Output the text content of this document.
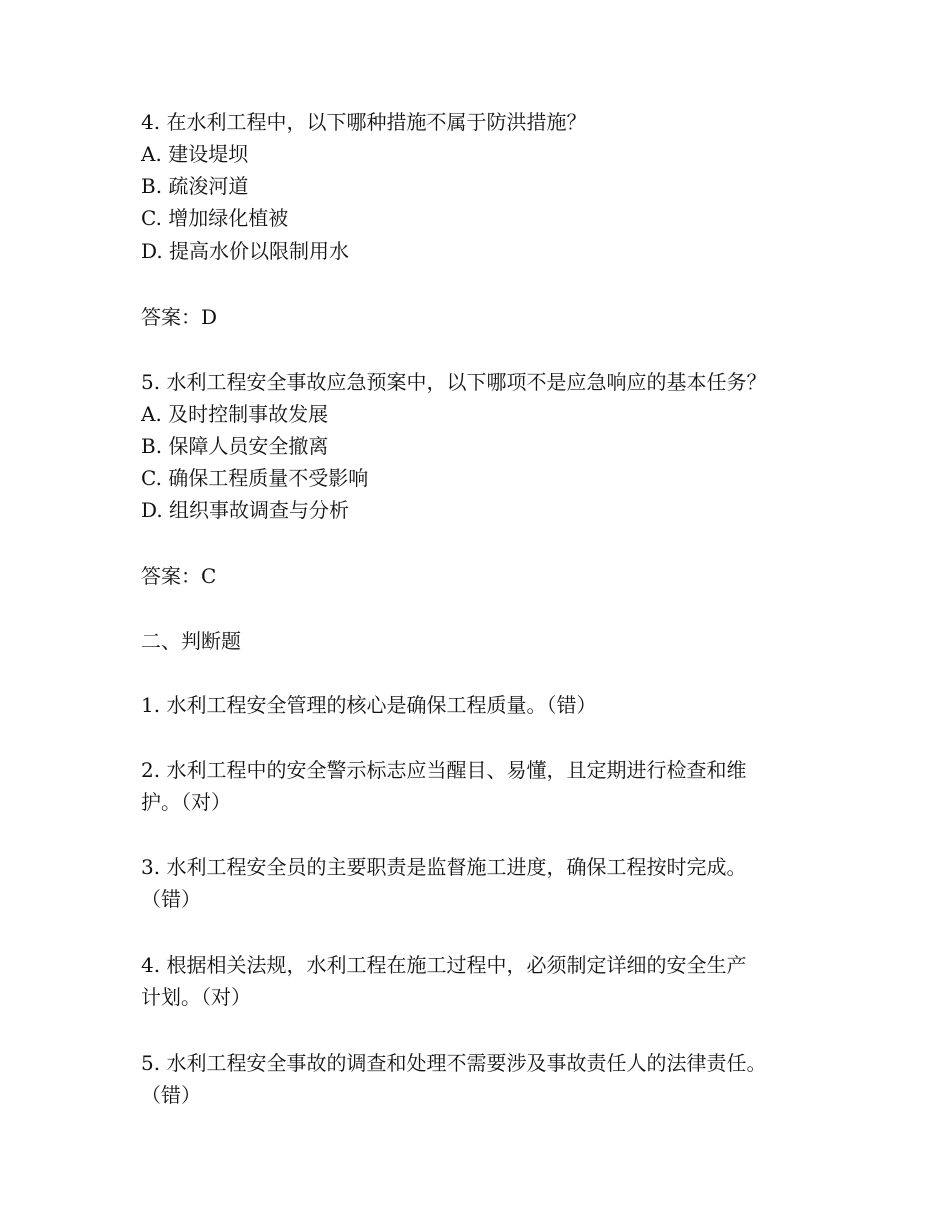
4. 在水利工程中，以下哪种措施不属于防洪措施？
A. 建设堤坝
B. 疏浚河道
C. 增加绿化植被
D. 提高水价以限制用水
答案：D
5. 水利工程安全事故应急预案中，以下哪项不是应急响应的基本任务？
A. 及时控制事故发展
B. 保障人员安全撤离
C. 确保工程质量不受影响
D. 组织事故调查与分析
答案：C
二、判断题
1. 水利工程安全管理的核心是确保工程质量。（错）
2. 水利工程中的安全警示标志应当醒目、易懂，且定期进行检查和维
护。（对）
3. 水利工程安全员的主要职责是监督施工进度，确保工程按时完成。
（错）
4. 根据相关法规，水利工程在施工过程中，必须制定详细的安全生产
计划。（对）
5. 水利工程安全事故的调查和处理不需要涉及事故责任人的法律责任。
（错）
